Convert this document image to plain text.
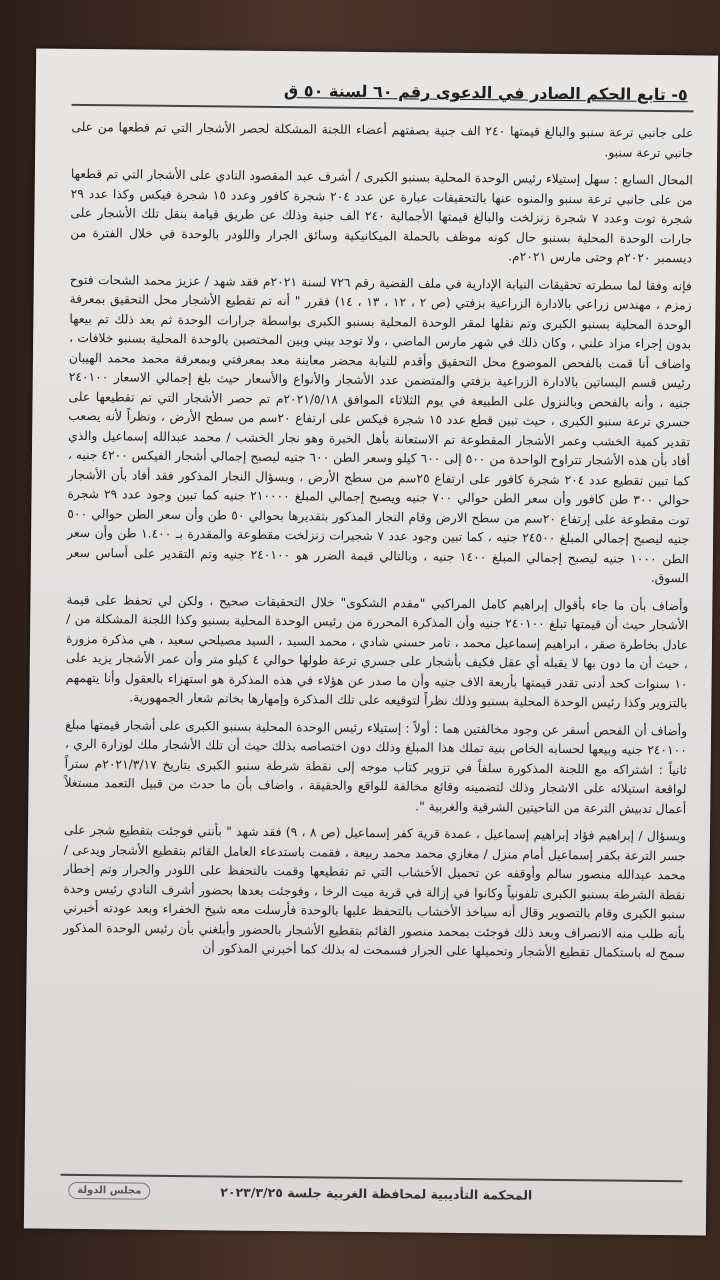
٥- تابع الحكم الصادر في الدعوى رقم ٦٠ لسنة ٥٠ ق

على جانبي ترعة سنبو والبالغ قيمتها ٢٤٠ الف جنية بصفتهم أعضاء اللجنة المشكلة لحصر الأشجار التي تم قطعها من على جانبي ترعة سنبو.

المحال السابع : سهل إستيلاء رئيس الوحدة المحلية بسنبو الكبرى / أشرف عبد المقصود النادي على الأشجار التي تم قطعها من على جانبي ترعة سنبو والمنوه عنها بالتحقيقات عبارة عن عدد ٢٠٤ شجرة كافور وعدد ١٥ شجرة فيكس وكذا عدد ٢٩ شجرة توت وعدد ٧ شجرة زنزلخت والبالغ قيمتها الأجمالية ٢٤٠ الف جنية وذلك عن طريق قيامة بنقل تلك الأشجار على جارات الوحدة المحلية بسنبو حال كونه موظف بالحملة الميكانيكية وسائق الجرار واللودر بالوحدة في خلال الفترة من ديسمبر ٢٠٢٠م وحتى مارس ٢٠٢١م.

فإنه وفقا لما سطرته تحقيقات النيابة الإدارية في ملف القضية رقم ٧٢٦ لسنة ٢٠٢١م فقد شهد / عزيز محمد الشحات فتوح زمزم ، مهندس زراعي بالادارة الزراعية بزفتي (ص ٢ ، ١٢ ، ١٣ ، ١٤) فقرر " أنه تم تقطيع الأشجار محل التحقيق بمعرفة الوحدة المحلية بسنبو الكبرى وتم نقلها لمقر الوحدة المحلية بسنبو الكبرى بواسطة جرارات الوحدة ثم بعد ذلك تم بيعها بدون إجراء مزاد علني ، وكان ذلك في شهر مارس الماضي ، ولا توجد بيني وبين المختصين بالوحدة المحلية بسنبو خلافات ، واضاف أنا قمت بالفحص الموضوع محل التحقيق وأقدم للنيابة محضر معاينة معد بمعرفتي وبمعرفة محمد محمد الهيبان رئيس قسم البساتين بالادارة الزراعية بزفتي والمتضمن عدد الأشجار والأنواع والأسعار حيث بلغ إجمالي الاسعار ٢٤٠١٠٠ جنيه ، وأنه بالفحص وبالنزول على الطبيعة في يوم الثلاثاء الموافق ٢٠٢١/٥/١٨م تم حصر الأشجار التي تم تقطيعها على جسري ترعة سنبو الكبرى ، حيث تبين قطع عدد ١٥ شجرة فيكس على ارتفاع ٢٠سم من سطح الأرض ، ونظراً لأنه يصعب تقدير كمية الخشب وعمر الأشجار المقطوعة تم الاستعانة بأهل الخبرة وهو نجار الخشب / محمد عبدالله إسماعيل والذي أفاد بأن هذه الأشجار تتراوح الواحدة من ٥٠٠ إلى ٦٠٠ كيلو وسعر الطن ٦٠٠ جنيه ليصبح إجمالي أشجار الفيكس ٤٢٠٠ جنيه ، كما تبين تقطيع عدد ٢٠٤ شجرة كافور على ارتفاع ٢٥سم من سطح الأرض ، وبسؤال النجار المذكور فقد أفاد بأن الأشجار حوالي ٣٠٠ طن كافور وأن سعر الطن حوالي ٧٠٠ جنيه ويصبح إجمالي المبلغ ٢١٠٠٠٠ جنيه كما تبين وجود عدد ٢٩ شجرة توت مقطوعة على إرتفاع ٢٠سم من سطح الارض وقام النجار المذكور بتقديرها بحوالي ٥٠ طن وأن سعر الطن حوالي ٥٠٠ جنيه ليصبح إجمالي المبلغ ٢٤٥٠٠ جنيه ، كما تبين وجود عدد ٧ شجيرات زنزلخت مقطوعة والمقدرة بـ ١.٤٠٠ طن وأن سعر الطن ١٠٠٠ جنيه ليصبح إجمالي المبلغ ١٤٠٠ جنيه ، وبالتالي قيمة الضرر هو ٢٤٠١٠٠ جنيه وتم التقدير على أساس سعر السوق.

وأضاف بأن ما جاء بأقوال إبراهيم كامل المراكبي "مقدم الشكوى" خلال التحقيقات صحيح ، ولكن لي تحفظ على قيمة الأشجار حيث أن قيمتها تبلغ ٢٤٠١٠٠ جنيه وأن المذكرة المحررة من رئيس الوحدة المحلية بسنبو وكذا اللجنة المشكلة من / عادل بخاطرة صقر ، ابراهيم إسماعيل محمد ، تامر حسني شادي ، محمد السيد ، السيد مصيلحي سعيد ، هي مذكرة مزورة ، حيث أن ما دون بها لا يقبله أي عقل فكيف بأشجار على جسري ترعة طولها حوالي ٤ كيلو متر وأن عمر الأشجار يزيد على ١٠ سنوات كحد أدنى تقدر قيمتها بأربعة الاف جنيه وأن ما صدر عن هؤلاء في هذه المذكرة هو استهزاء بالعقول وأنا يتهمهم بالتزوير وكذا رئيس الوحدة المحلية بسنبو وذلك نظراً لتوقيعه على تلك المذكرة وإمهارها بخاتم شعار الجمهورية.

وأضاف أن الفحص أسفر عن وجود مخالفتين هما : أولاً : إستيلاء رئيس الوحدة المحلية بسنبو الكبرى على أشجار قيمتها مبلغ ٢٤٠١٠٠ جنيه وبيعها لحسابه الخاص بنية تملك هذا المبلغ وذلك دون اختصاصه بذلك حيث أن تلك الأشجار ملك لوزارة الري ، ثانياً : اشتراكه مع اللجنة المذكورة سلفاً في تزوير كتاب موجه إلى نقطة شرطة سنبو الكبرى بتاريخ ٢٠٢١/٣/١٧م ستراً لواقعة استيلائه على الاشجار وذلك لتضمينه وقائع مخالفة للواقع والحقيقة ، واضاف بأن ما حدث من قبيل التعمد مستغلاً أعمال تدبيش الترعة من الناحيتين الشرقية والغربية ".

وبسؤال / إبراهيم فؤاد إبراهيم إسماعيل ، عمدة قرية كفر إسماعيل (ص ٨ ، ٩) فقد شهد " بأنني فوجئت بتقطيع شجر على جسر الترعة بكفر إسماعيل أمام منزل / مغازي محمد محمد ربيعة ، فقمت باستدعاء العامل القائم بتقطيع الأشجار ويدعى / محمد عبدالله منصور سالم وأوقفه عن تحميل الأخشاب التي تم تقطيعها وقمت بالتحفظ على اللودر والجرار وتم إخطار نقطة الشرطة بسنبو الكبرى تلفونياً وكانوا في إزالة في قرية ميت الرخا ، وفوجئت بعدها بحضور أشرف النادي رئيس وحدة سنبو الكبرى وقام بالتصوير وقال أنه سياخذ الأخشاب بالتحفظ عليها بالوحدة فأرسلت معه شيخ الخفراء وبعد عودته أخبرني بأنه طلب منه الانصراف وبعد ذلك فوجئت بمحمد منصور القائم بتقطيع الأشجار بالحضور وأبلغني بأن رئيس الوحدة المذكور سمح له باستكمال تقطيع الأشجار وتحميلها على الجرار فسمحت له بذلك كما أخبرني المذكور أن

المحكمة التأديبية لمحافظة الغربية جلسة ٢٠٢٣/٣/٢٥
مجلس الدولة
